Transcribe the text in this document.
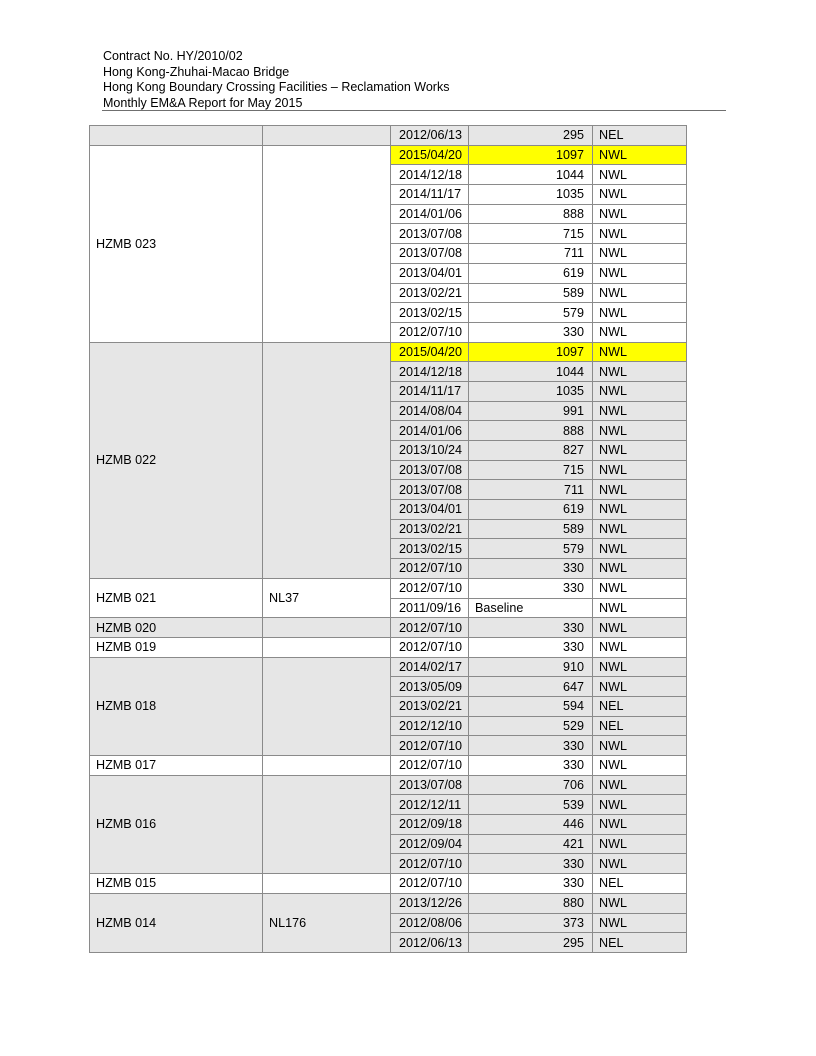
Contract No. HY/2010/02
Hong Kong-Zhuhai-Macao Bridge
Hong Kong Boundary Crossing Facilities – Reclamation Works
Monthly EM&A Report for May 2015
		2012/06/13	295	NEL
HZMB 023		2015/04/20	1097	NWL
		2014/12/18	1044	NWL
		2014/11/17	1035	NWL
		2014/01/06	888	NWL
		2013/07/08	715	NWL
		2013/07/08	711	NWL
		2013/04/01	619	NWL
		2013/02/21	589	NWL
		2013/02/15	579	NWL
		2012/07/10	330	NWL
HZMB 022		2015/04/20	1097	NWL
		2014/12/18	1044	NWL
		2014/11/17	1035	NWL
		2014/08/04	991	NWL
		2014/01/06	888	NWL
		2013/10/24	827	NWL
		2013/07/08	715	NWL
		2013/07/08	711	NWL
		2013/04/01	619	NWL
		2013/02/21	589	NWL
		2013/02/15	579	NWL
		2012/07/10	330	NWL
HZMB 021	NL37	2012/07/10	330	NWL
		2011/09/16	Baseline	NWL
HZMB 020		2012/07/10	330	NWL
HZMB 019		2012/07/10	330	NWL
HZMB 018		2014/02/17	910	NWL
		2013/05/09	647	NWL
		2013/02/21	594	NEL
		2012/12/10	529	NEL
		2012/07/10	330	NWL
HZMB 017		2012/07/10	330	NWL
HZMB 016		2013/07/08	706	NWL
		2012/12/11	539	NWL
		2012/09/18	446	NWL
		2012/09/04	421	NWL
		2012/07/10	330	NWL
HZMB 015		2012/07/10	330	NEL
HZMB 014	NL176	2013/12/26	880	NWL
		2012/08/06	373	NWL
		2012/06/13	295	NEL
